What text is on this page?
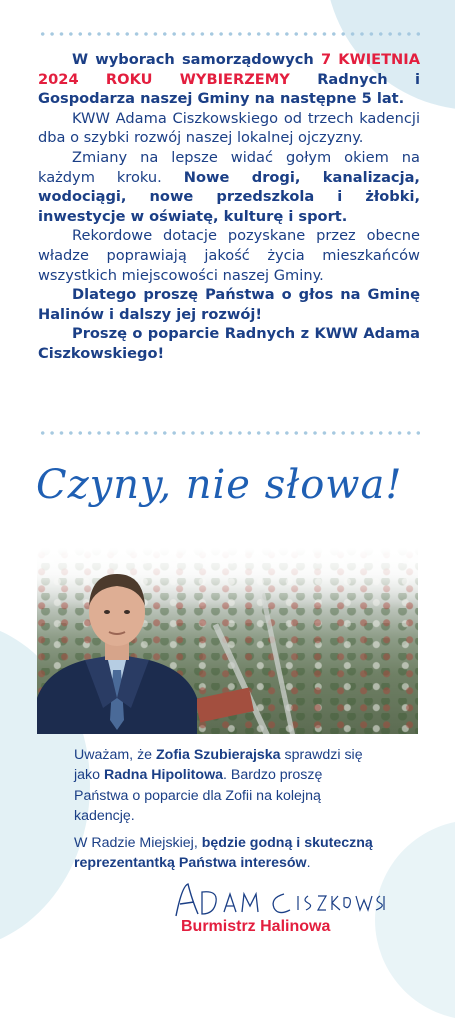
W wyborach samorządowych 7 KWIETNIA 2024 ROKU WYBIERZEMY Radnych i Gospodarza naszej Gminy na następne 5 lat.

KWW Adama Ciszkowskiego od trzech kadencji dba o szybki rozwój naszej lokalnej ojczyzny.

Zmiany na lepsze widać gołym okiem na każdym kroku. Nowe drogi, kanalizacja, wodociągi, nowe przedszkola i żłobki, inwestycje w oświatę, kulturę i sport.

Rekordowe dotacje pozyskane przez obecne władze poprawiają jakość życia mieszkańców wszystkich miejscowości naszej Gminy.

Dlatego proszę Państwa o głos na Gminę Halinów i dalszy jej rozwój!

Proszę o poparcie Radnych z KWW Adama Ciszkowskiego!

Czyny, nie słowa!

Uważam, że Zofia Szubierajska sprawdzi się jako Radna Hipolitowa. Bardzo proszę Państwa o poparcie dla Zofii na kolejną kadencję.

W Radzie Miejskiej, będzie godną i skuteczną reprezentantką Państwa interesów.

Burmistrz Halinowa
